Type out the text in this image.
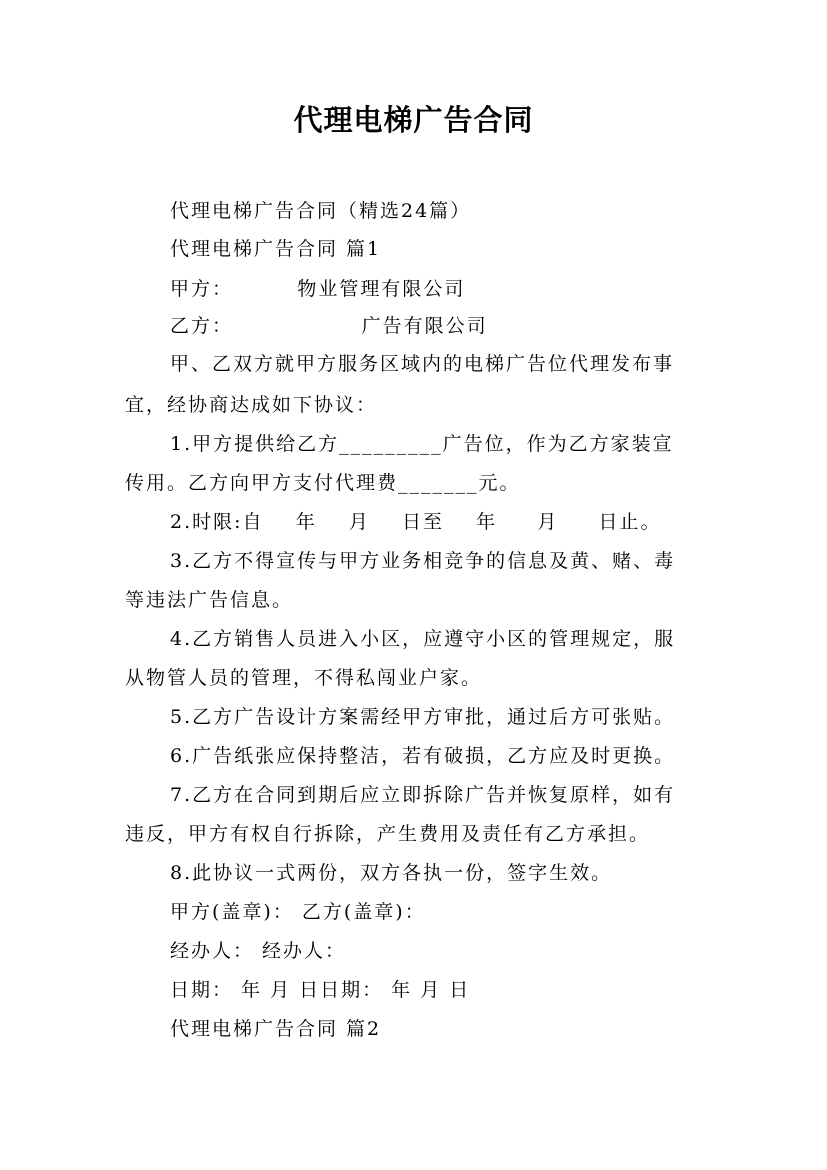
代理电梯广告合同
代理电梯广告合同（精选24篇）
代理电梯广告合同 篇1
甲方：        物业管理有限公司
乙方：                广告有限公司
甲、乙双方就甲方服务区域内的电梯广告位代理发布事
宜，经协商达成如下协议：
1.甲方提供给乙方_________广告位，作为乙方家装宣
传用。乙方向甲方支付代理费_______元。
2.时限:自    年    月    日至    年     月     日止。
3.乙方不得宣传与甲方业务相竞争的信息及黄、赌、毒
等违法广告信息。
4.乙方销售人员进入小区，应遵守小区的管理规定，服
从物管人员的管理，不得私闯业户家。
5.乙方广告设计方案需经甲方审批，通过后方可张贴。
6.广告纸张应保持整洁，若有破损，乙方应及时更换。
7.乙方在合同到期后应立即拆除广告并恢复原样，如有
违反，甲方有权自行拆除，产生费用及责任有乙方承担。
8.此协议一式两份，双方各执一份，签字生效。
甲方(盖章)： 乙方(盖章)：
经办人： 经办人：
日期： 年 月 日日期： 年 月 日
代理电梯广告合同 篇2
